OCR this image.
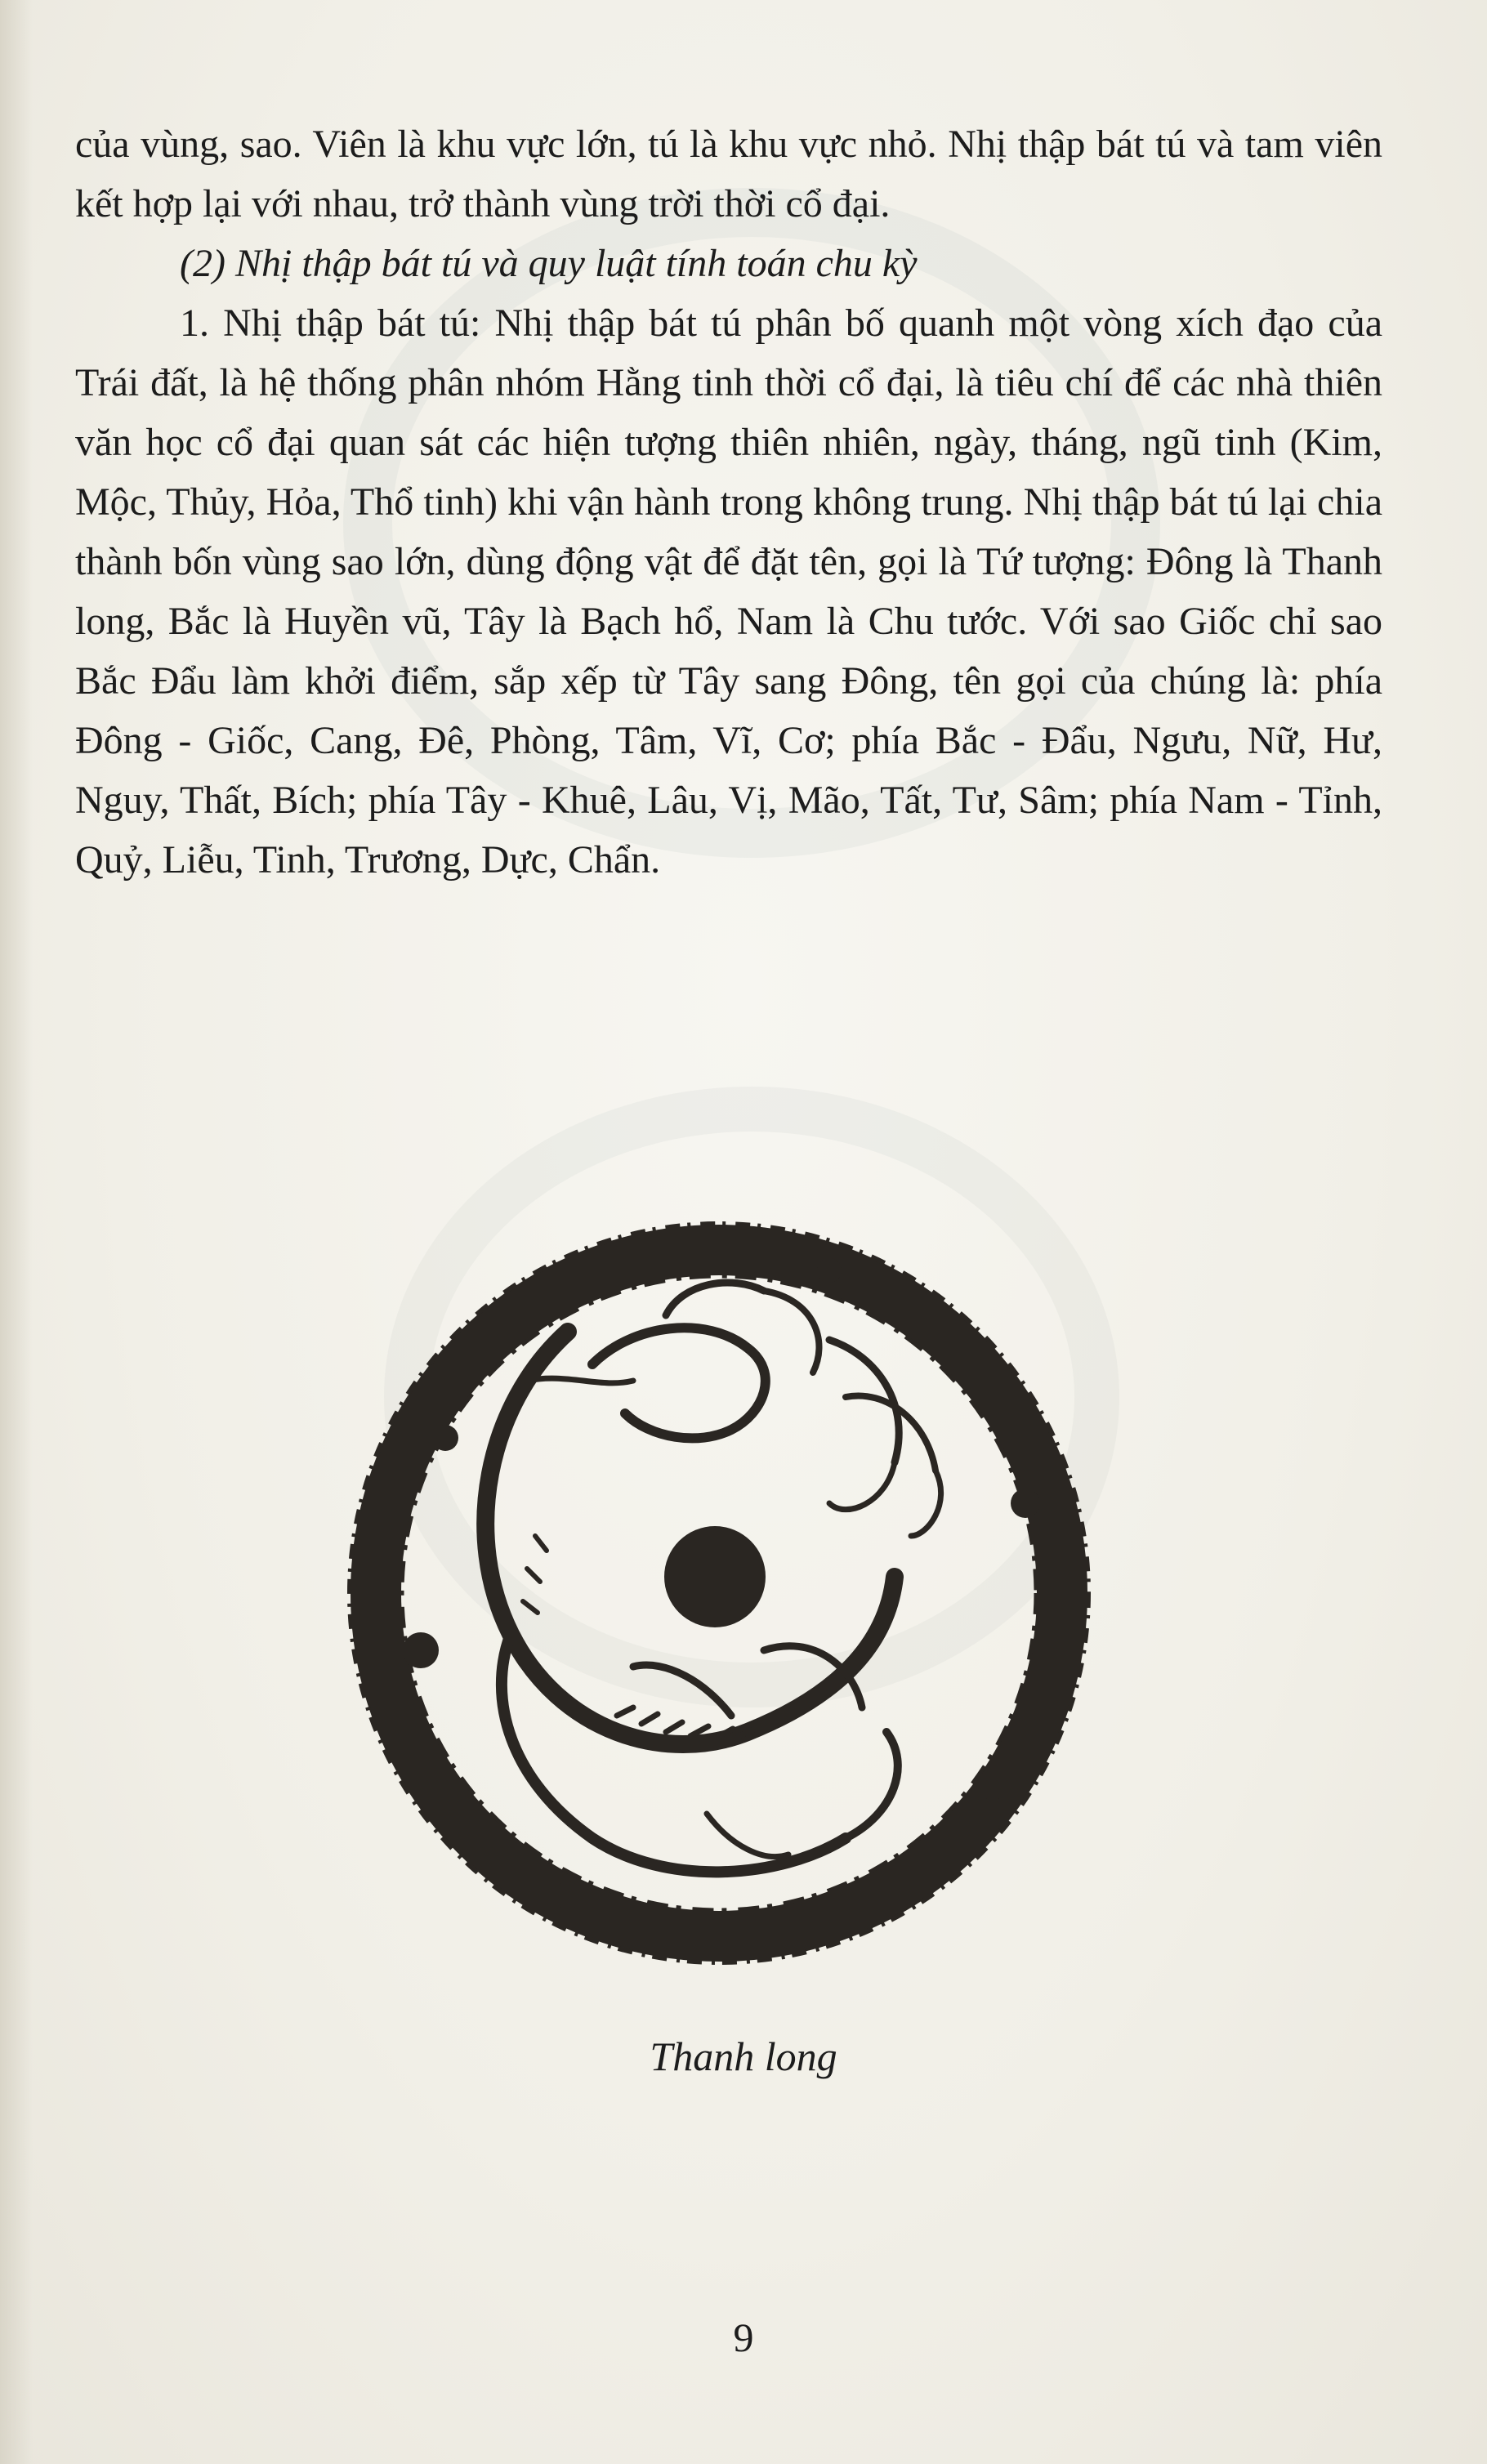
của vùng, sao. Viên là khu vực lớn, tú là khu vực nhỏ. Nhị thập bát tú và tam viên kết hợp lại với nhau, trở thành vùng trời thời cổ đại.

(2) Nhị thập bát tú và quy luật tính toán chu kỳ

1. Nhị thập bát tú: Nhị thập bát tú phân bố quanh một vòng xích đạo của Trái đất, là hệ thống phân nhóm Hằng tinh thời cổ đại, là tiêu chí để các nhà thiên văn học cổ đại quan sát các hiện tượng thiên nhiên, ngày, tháng, ngũ tinh (Kim, Mộc, Thủy, Hỏa, Thổ tinh) khi vận hành trong không trung. Nhị thập bát tú lại chia thành bốn vùng sao lớn, dùng động vật để đặt tên, gọi là Tứ tượng: Đông là Thanh long, Bắc là Huyền vũ, Tây là Bạch hổ, Nam là Chu tước. Với sao Giốc chỉ sao Bắc Đẩu làm khởi điểm, sắp xếp từ Tây sang Đông, tên gọi của chúng là: phía Đông - Giốc, Cang, Đê, Phòng, Tâm, Vĩ, Cơ; phía Bắc - Đẩu, Ngưu, Nữ, Hư, Nguy, Thất, Bích; phía Tây - Khuê, Lâu, Vị, Mão, Tất, Tư, Sâm; phía Nam - Tỉnh, Quỷ, Liễu, Tinh, Trương, Dực, Chẩn.

Thanh long
9
